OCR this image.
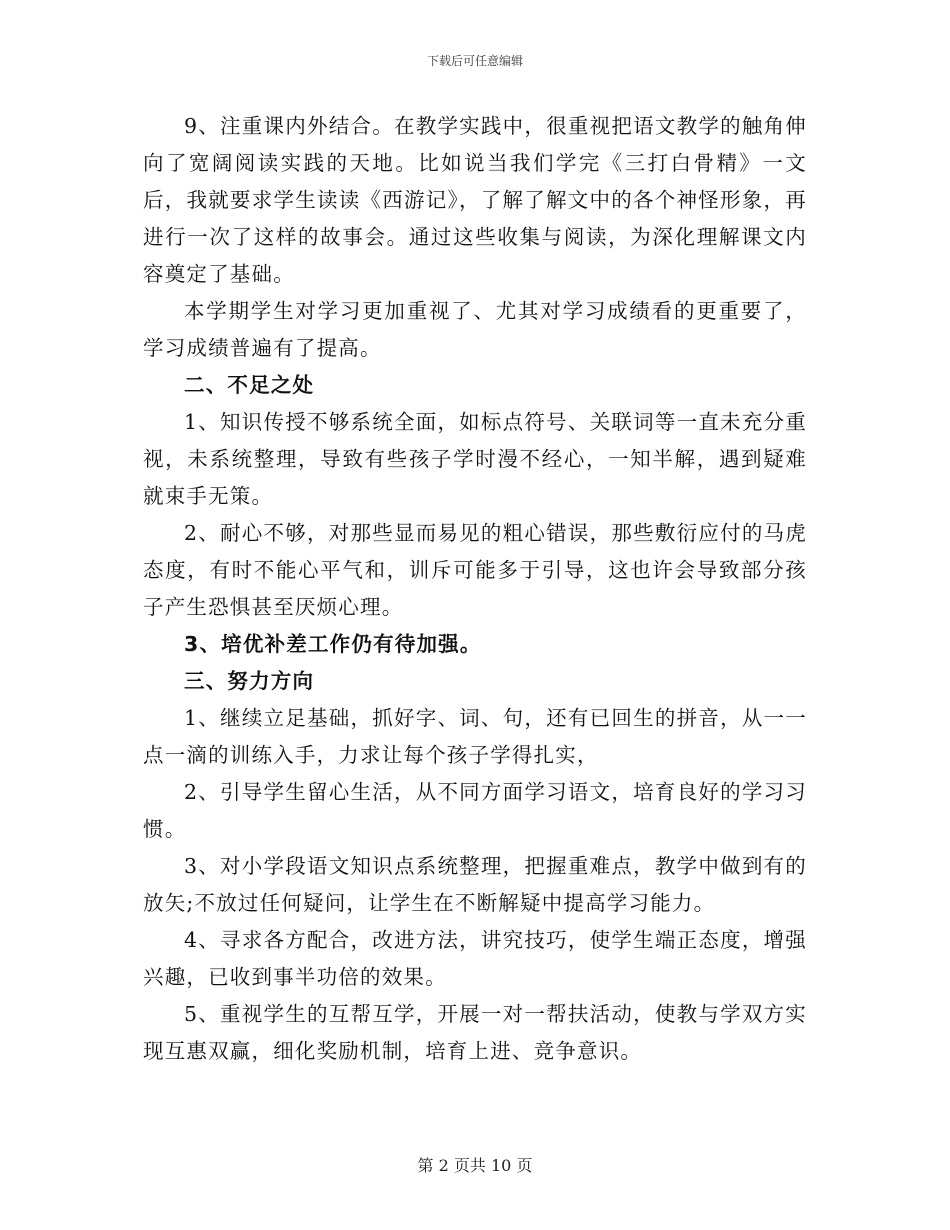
下载后可任意编辑

9、注重课内外结合。在教学实践中，很重视把语文教学的触角伸向了宽阔阅读实践的天地。比如说当我们学完《三打白骨精》一文后，我就要求学生读读《西游记》，了解了解文中的各个神怪形象，再进行一次了这样的故事会。通过这些收集与阅读，为深化理解课文内容奠定了基础。

本学期学生对学习更加重视了、尤其对学习成绩看的更重要了，学习成绩普遍有了提高。

二、不足之处

1、知识传授不够系统全面，如标点符号、关联词等一直未充分重视，未系统整理，导致有些孩子学时漫不经心，一知半解，遇到疑难就束手无策。

2、耐心不够，对那些显而易见的粗心错误，那些敷衍应付的马虎态度，有时不能心平气和，训斥可能多于引导，这也许会导致部分孩子产生恐惧甚至厌烦心理。

3、培优补差工作仍有待加强。

三、努力方向

1、继续立足基础，抓好字、词、句，还有已回生的拼音，从一一点一滴的训练入手，力求让每个孩子学得扎实，

2、引导学生留心生活，从不同方面学习语文，培育良好的学习习惯。

3、对小学段语文知识点系统整理，把握重难点，教学中做到有的放矢;不放过任何疑问，让学生在不断解疑中提高学习能力。

4、寻求各方配合，改进方法，讲究技巧，使学生端正态度，增强兴趣，已收到事半功倍的效果。

5、重视学生的互帮互学，开展一对一帮扶活动，使教与学双方实现互惠双赢，细化奖励机制，培育上进、竞争意识。

第 2 页共 10 页
